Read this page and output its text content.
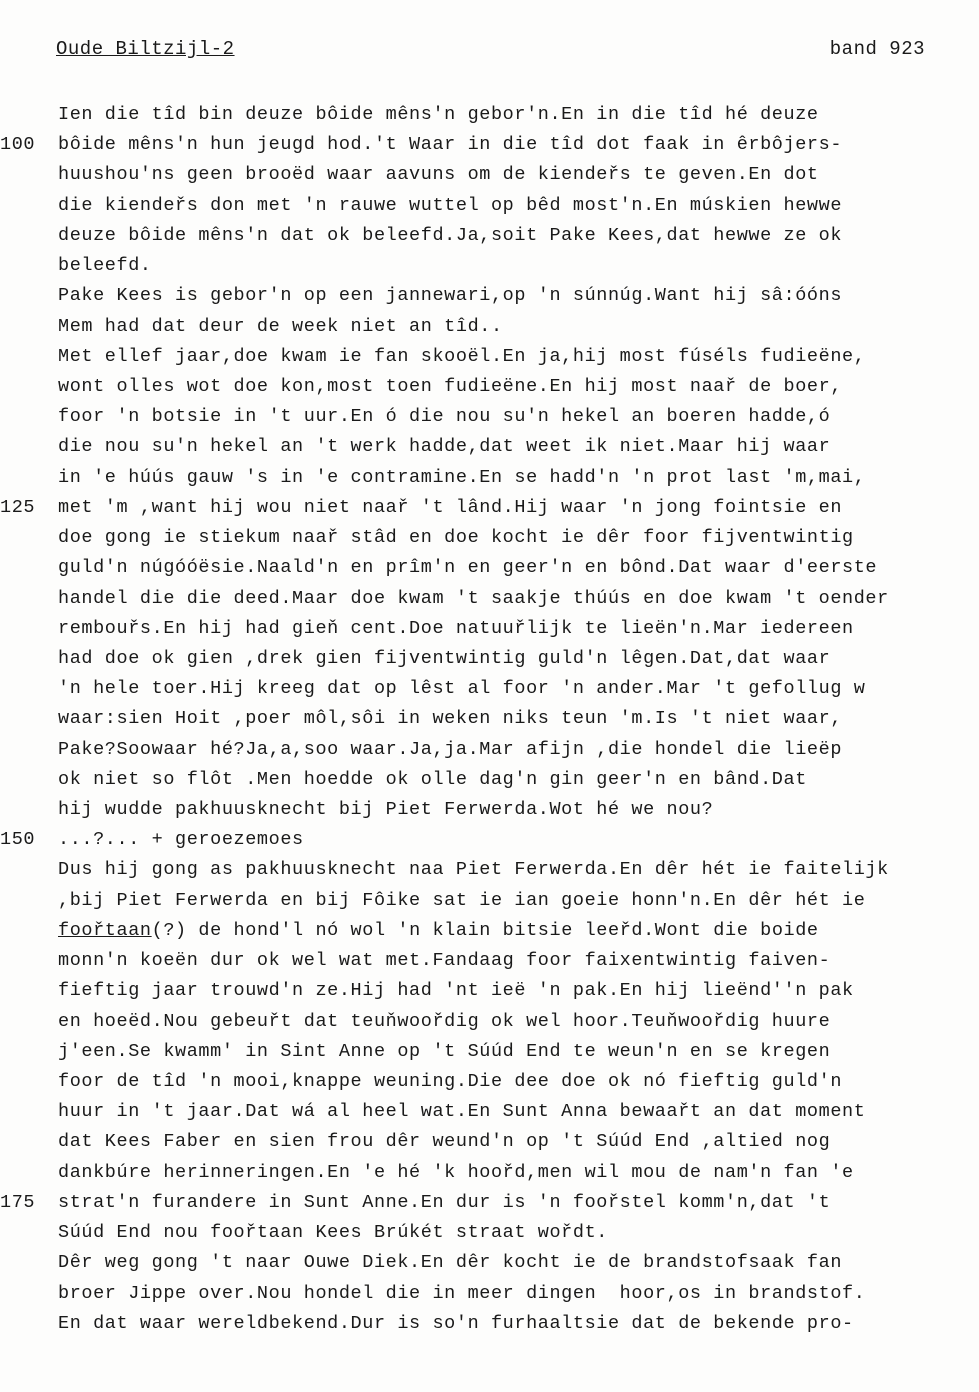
Oude Biltzijl-2	band 923
Ien die tîd bin deuze bôide mêns'n gebor'n.En in die tîd hé deuze
100	bôide mêns'n hun jeugd hod.'t Waar in die tîd dot faak in êrbôjers-
huushou'ns geen brooëd waar aavuns om de kiendeřs te geven.En dot
die kiendeřs don met 'n rauwe wuttel op bêd most'n.En múskien hewwe
deuze bôide mêns'n dat ok beleefd.Ja,soit Pake Kees,dat hewwe ze ok
beleefd.
Pake Kees is gebor'n op een jannewari,op 'n súnnúg.Want hij sâ:óóns
Mem had dat deur de week niet an tîd..
Met ellef jaar,doe kwam ie fan skooël.En ja,hij most fúséls fudieëne,
wont olles wot doe kon,most toen fudieëne.En hij most naař de boer,
foor 'n botsie in 't uur.En ó die nou su'n hekel an boeren hadde,ó
die nou su'n hekel an 't werk hadde,dat weet ik niet.Maar hij waar
in 'e húús gauw 's in 'e contramine.En se hadd'n 'n prot last 'm,mai,
125	met 'm ,want hij wou niet naař 't lând.Hij waar 'n jong fointsie en
doe gong ie stiekum naař stâd en doe kocht ie dêr foor fijventwintig
guld'n núgóóësie.Naald'n en prîm'n en geer'n en bônd.Dat waar d'eerste
handel die die deed.Maar doe kwam 't saakje thúús en doe kwam 't oender
rembouřs.En hij had gieň cent.Doe natuuřlijk te lieën'n.Mar iedereen
had doe ok gien ,drek gien fijventwintig guld'n lêgen.Dat,dat waar
'n hele toer.Hij kreeg dat op lêst al foor 'n ander.Mar 't gefollug w
waar:sien Hoit ,poer môl,sôi in weken niks teun 'm.Is 't niet waar,
Pake?Soowaar hé?Ja,a,soo waar.Ja,ja.Mar afijn ,die hondel die lieëp
ok niet so flôt .Men hoedde ok olle dag'n gin geer'n en bând.Dat
hij wudde pakhuusknecht bij Piet Ferwerda.Wot hé we nou?
150	...?... + geroezemoes
Dus hij gong as pakhuusknecht naa Piet Ferwerda.En dêr hét ie faitelijk
,bij Piet Ferwerda en bij Fôike sat ie ian goeie honn'n.En dêr hét ie
foořtaan(?) de hond'l nó wol 'n klain bitsie leeřd.Wont die boide
monn'n koeën dur ok wel wat met.Fandaag foor faixentwintig faiven-
fieftig jaar trouwd'n ze.Hij had 'nt ieë 'n pak.En hij lieënd''n pak
en hoeëd.Nou gebeuřt dat teuňwoořdig ok wel hoor.Teuňwoořdig huure
j'een.Se kwamm' in Sint Anne op 't Súúd End te weun'n en se kregen
foor de tîd 'n mooi,knappe weuning.Die dee doe ok nó fieftig guld'n
huur in 't jaar.Dat wá al heel wat.En Sunt Anna bewaařt an dat moment
dat Kees Faber en sien frou dêr weund'n op 't Súúd End ,altied nog
dankbúre herinneringen.En 'e hé 'k hoořd,men wil mou de nam'n fan 'e
175	strat'n furandere in Sunt Anne.En dur is 'n foořstel komm'n,dat 't
Súúd End nou foořtaan Kees Brúkét straat wořdt.
Dêr weg gong 't naar Ouwe Diek.En dêr kocht ie de brandstofsaak fan
broer Jippe over.Nou hondel die in meer dingen  hoor,os in brandstof.
En dat waar wereldbekend.Dur is so'n furhaaltsie dat de bekende pro-
